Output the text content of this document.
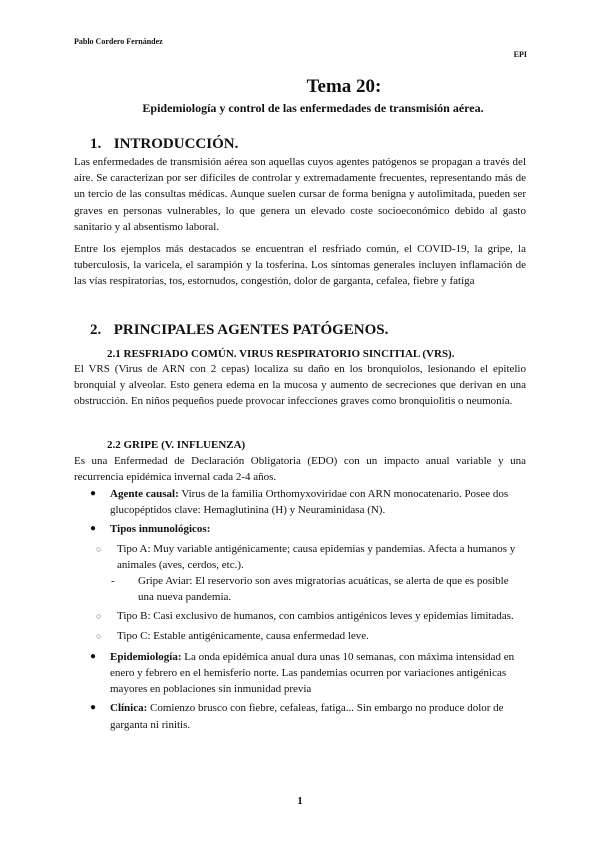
Pablo Cordero Fernández
EPI
Tema 20:
Epidemiología y control de las enfermedades de transmisión aérea.
1. INTRODUCCIÓN.
Las enfermedades de transmisión aérea son aquellas cuyos agentes patógenos se propagan a través del aire. Se caracterizan por ser difíciles de controlar y extremadamente frecuentes, representando más de un tercio de las consultas médicas. Aunque suelen cursar de forma benigna y autolimitada, pueden ser graves en personas vulnerables, lo que genera un elevado coste socioeconómico debido al gasto sanitario y al absentismo laboral.
Entre los ejemplos más destacados se encuentran el resfriado común, el COVID-19, la gripe, la tuberculosis, la varicela, el sarampión y la tosferina. Los síntomas generales incluyen inflamación de las vías respiratorias, tos, estornudos, congestión, dolor de garganta, cefalea, fiebre y fatiga
2. PRINCIPALES AGENTES PATÓGENOS.
2.1 RESFRIADO COMÚN. VIRUS RESPIRATORIO SINCITIAL (VRS).
El VRS (Virus de ARN con 2 cepas) localiza su daño en los bronquiolos, lesionando el epitelio bronquial y alveolar. Esto genera edema en la mucosa y aumento de secreciones que derivan en una obstrucción. En niños pequeños puede provocar infecciones graves como bronquiolitis o neumonía.
2.2 GRIPE (V. INFLUENZA)
Es una Enfermedad de Declaración Obligatoria (EDO) con un impacto anual variable y una recurrencia epidémica invernal cada 2-4 años.
● Agente causal: Virus de la familia Orthomyxoviridae con ARN monocatenario. Posee dos glucopéptidos clave: Hemaglutinina (H) y Neuraminidasa (N).
● Tipos inmunológicos:
○ Tipo A: Muy variable antigénicamente; causa epidemias y pandemias. Afecta a humanos y animales (aves, cerdos, etc.).
- Gripe Aviar: El reservorio son aves migratorias acuáticas, se alerta de que es posible una nueva pandemia.
○ Tipo B: Casi exclusivo de humanos, con cambios antigénicos leves y epidemias limitadas.
○ Tipo C: Estable antigénicamente, causa enfermedad leve.
● Epidemiología: La onda epidémica anual dura unas 10 semanas, con máxima intensidad en enero y febrero en el hemisferio norte. Las pandemias ocurren por variaciones antigénicas mayores en poblaciones sin inmunidad previa
● Clínica: Comienzo brusco con fiebre, cefaleas, fatiga... Sin embargo no produce dolor de garganta ni rinitis.
1
